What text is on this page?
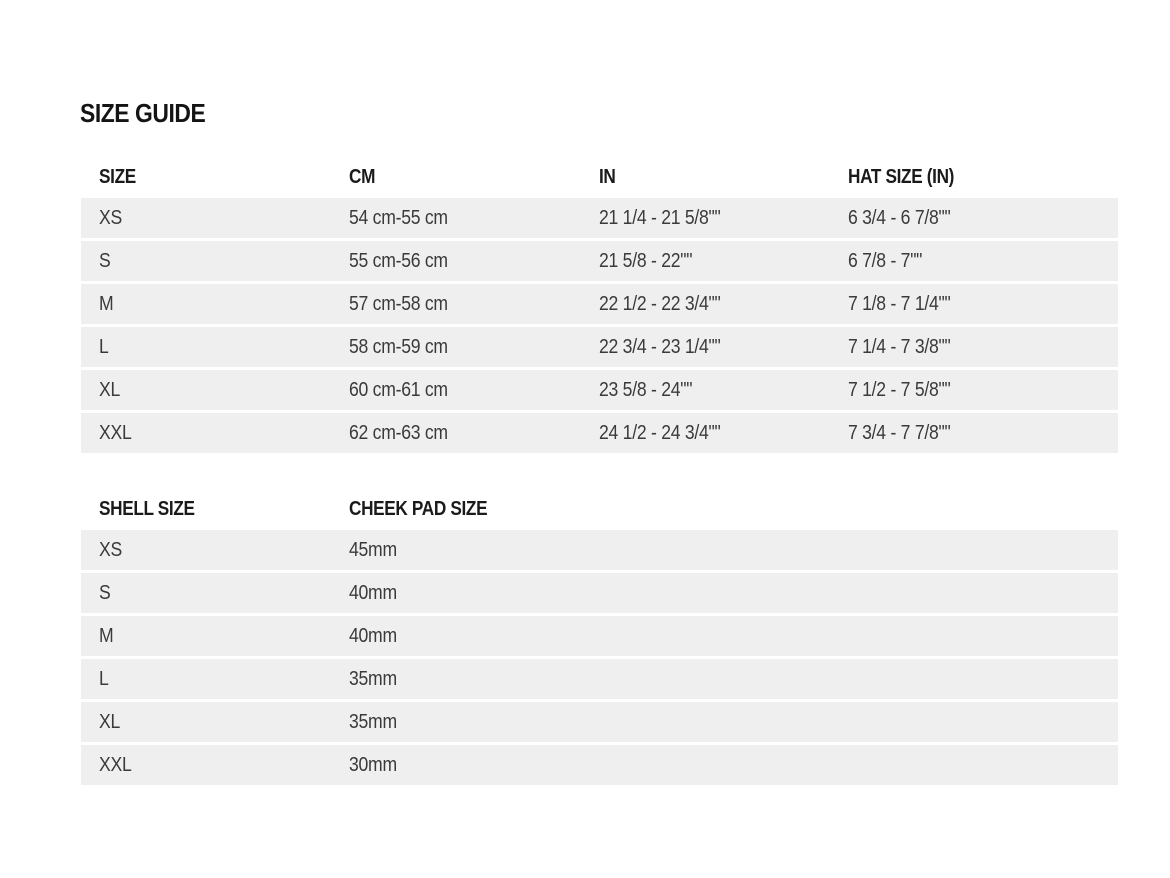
SIZE GUIDE
SIZE	CM	IN	HAT SIZE (IN)
XS	54 cm-55 cm	21 1/4 - 21 5/8""	6 3/4 - 6 7/8""
S	55 cm-56 cm	21 5/8 - 22""	6 7/8 - 7""
M	57 cm-58 cm	22 1/2 - 22 3/4""	7 1/8 - 7 1/4""
L	58 cm-59 cm	22 3/4 - 23 1/4""	7 1/4 - 7 3/8""
XL	60 cm-61 cm	23 5/8 - 24""	7 1/2 - 7 5/8""
XXL	62 cm-63 cm	24 1/2 - 24 3/4""	7 3/4 - 7 7/8""
SHELL SIZE	CHEEK PAD SIZE		
XS	45mm		
S	40mm		
M	40mm		
L	35mm		
XL	35mm		
XXL	30mm		
